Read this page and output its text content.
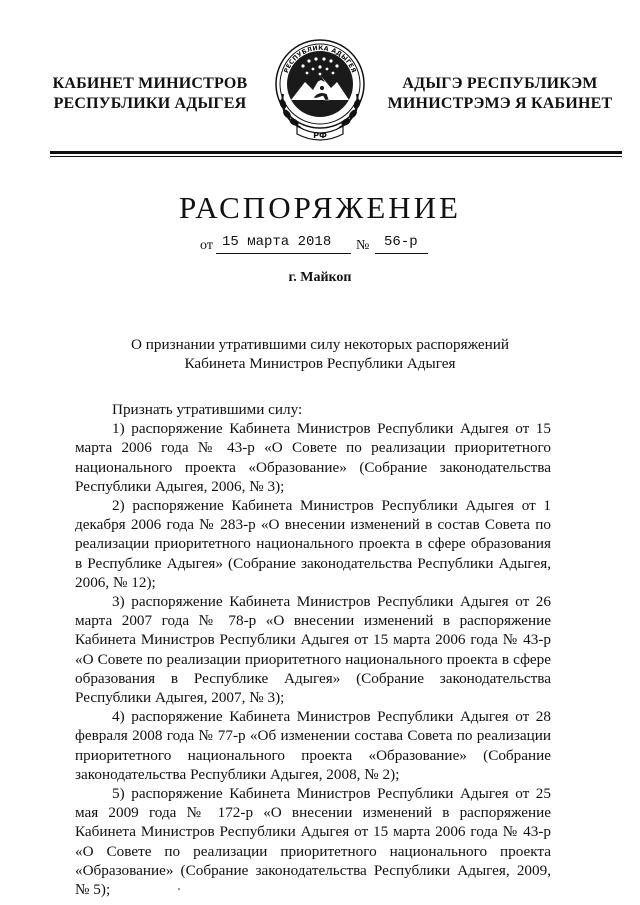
КАБИНЕТ МИНИСТРОВ
РЕСПУБЛИКИ АДЫГЕЯ
РЕСПУБЛИКА АДЫГЕЯ
РФ
АДЫГЭ РЕСПУБЛИКЭМ
МИНИСТРЭМЭ Я КАБИНЕТ
РАСПОРЯЖЕНИЕ
от 15 марта 2018 № 56-р
г. Майкоп
О признании утратившими силу некоторых распоряжений
Кабинета Министров Республики Адыгея
Признать утратившими силу:

1) распоряжение Кабинета Министров Республики Адыгея от 15 марта 2006 года № 43-р «О Совете по реализации приоритетного национального проекта «Образование» (Собрание законодательства Республики Адыгея, 2006, № 3);

2) распоряжение Кабинета Министров Республики Адыгея от 1 декабря 2006 года № 283-р «О внесении изменений в состав Совета по реализации приоритетного национального проекта в сфере образования в Республике Адыгея» (Собрание законодательства Республики Адыгея, 2006, № 12);

3) распоряжение Кабинета Министров Республики Адыгея от 26 марта 2007 года № 78-р «О внесении изменений в распоряжение Кабинета Министров Республики Адыгея от 15 марта 2006 года № 43-р «О Совете по реализации приоритетного национального проекта в сфере образования в Республике Адыгея» (Собрание законодательства Республики Адыгея, 2007, № 3);

4) распоряжение Кабинета Министров Республики Адыгея от 28 февраля 2008 года № 77-р «Об изменении состава Совета по реализации приоритетного национального проекта «Образование» (Собрание законодательства Республики Адыгея, 2008, № 2);

5) распоряжение Кабинета Министров Республики Адыгея от 25 мая 2009 года № 172-р «О внесении изменений в распоряжение Кабинета Министров Республики Адыгея от 15 марта 2006 года № 43-р «О Совете по реализации приоритетного национального проекта «Образование» (Собрание законодательства Республики Адыгея, 2009, № 5);
